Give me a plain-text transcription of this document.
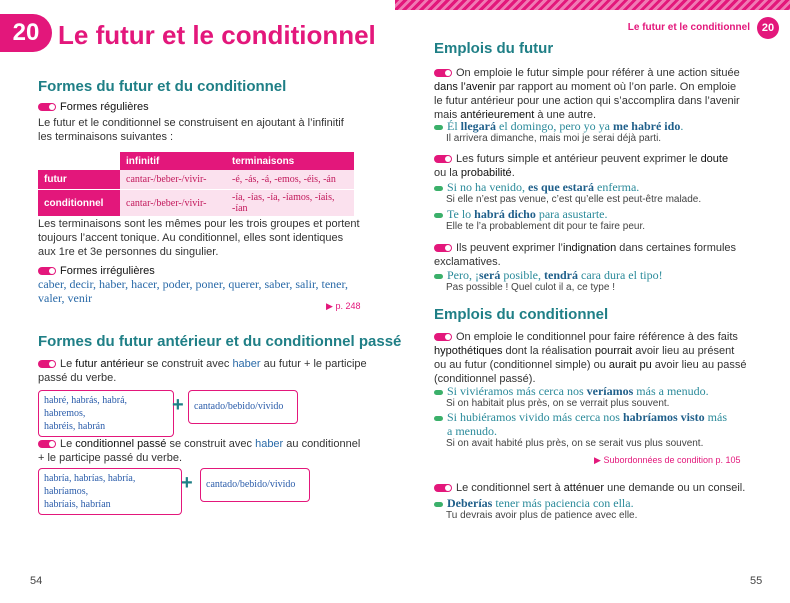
20 Le futur et le conditionnel
Formes du futur et du conditionnel
Formes régulières
Le futur et le conditionnel se construisent en ajoutant à l’infinitif
les terminaisons suivantes :
	infinitif	terminaisons
futur	cantar-/beber-/vivir-	-é, -ás, -á, -emos, -éis, -án
conditionnel	cantar-/beber-/vivir-	-ía, -ías, -ía, -íamos, -íais, -ían
Les terminaisons sont les mêmes pour les trois groupes et portent
toujours l’accent tonique. Au conditionnel, elles sont identiques
aux 1re et 3e personnes du singulier.
Formes irrégulières
caber, decir, haber, hacer, poder, poner, querer, saber, salir, tener,
valer, venir
▶ p. 248
Formes du futur antérieur et du conditionnel passé
Le futur antérieur se construit avec haber au futur + le participe
passé du verbe.
habré, habrás, habrá, habremos,
habréis, habrán
+	cantado/bebido/vivido
Le conditionnel passé se construit avec haber au conditionnel
+ le participe passé du verbe.
habría, habrías, habría, habríamos,
habríais, habrían
+	cantado/bebido/vivido
54
Le futur et le conditionnel	20
Emplois du futur
On emploie le futur simple pour référer à une action située
dans l’avenir par rapport au moment où l’on parle. On emploie
le futur antérieur pour une action qui s’accomplira dans l’avenir
mais antérieurement à une autre.
Él llegará el domingo, pero yo ya me habré ido.
Il arrivera dimanche, mais moi je serai déjà parti.
Les futurs simple et antérieur peuvent exprimer le doute
ou la probabilité.
Si no ha venido, es que estará enferma.
Si elle n’est pas venue, c’est qu’elle est peut-être malade.
Te lo habrá dicho para asustarte.
Elle te l’a probablement dit pour te faire peur.
Ils peuvent exprimer l’indignation dans certaines formules
exclamatives.
Pero, ¡será posible, tendrá cara dura el tipo!
Pas possible ! Quel culot il a, ce type !
Emplois du conditionnel
On emploie le conditionnel pour faire référence à des faits
hypothétiques dont la réalisation pourrait avoir lieu au présent
ou au futur (conditionnel simple) ou aurait pu avoir lieu au passé
(conditionnel passé).
Si viviéramos más cerca nos veríamos más a menudo.
Si on habitait plus près, on se verrait plus souvent.
Si hubiéramos vivido más cerca nos habríamos visto más
a menudo.
Si on avait habité plus près, on se serait vus plus souvent.
▶ Subordonnées de condition p. 105
Le conditionnel sert à atténuer une demande ou un conseil.
Deberías tener más paciencia con ella.
Tu devrais avoir plus de patience avec elle.
55
